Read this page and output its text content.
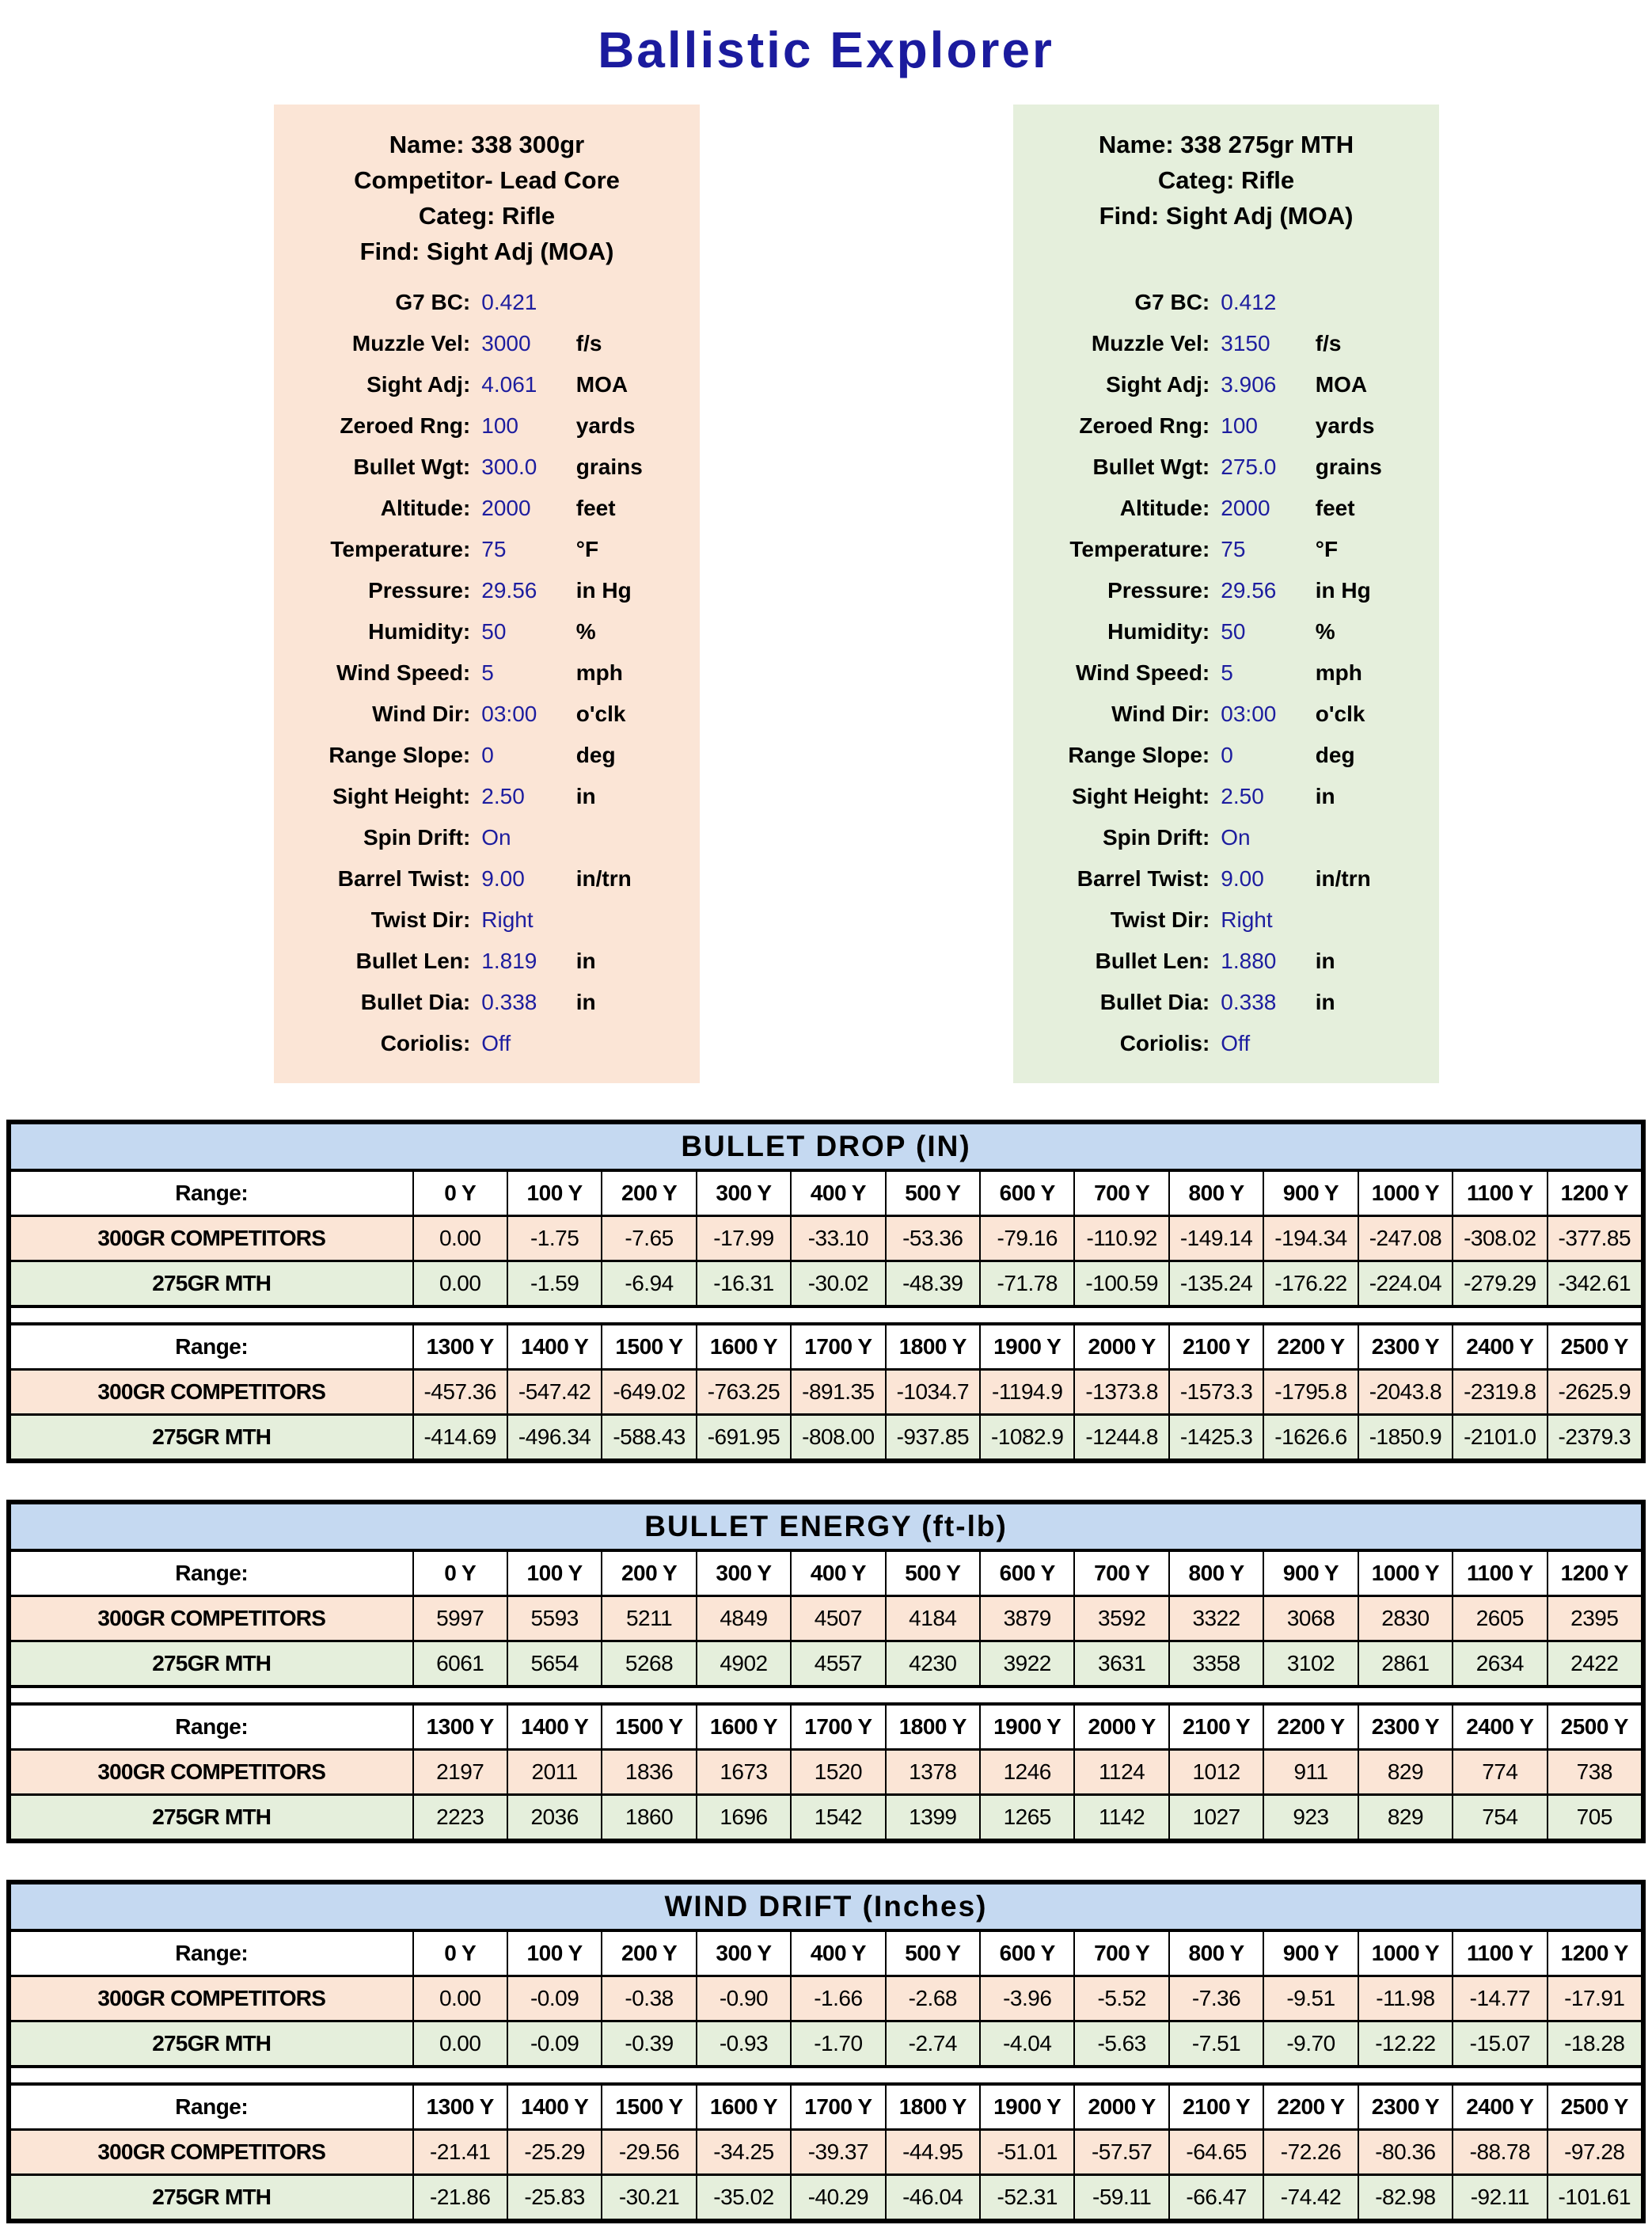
Ballistic Explorer
Name: 338 300gr
Competitor- Lead Core
Categ: Rifle
Find: Sight Adj (MOA)
G7 BC: 0.421
Muzzle Vel: 3000	f/s
Sight Adj: 4.061	MOA
Zeroed Rng: 100	yards
Bullet Wgt: 300.0	grains
Altitude: 2000	feet
Temperature: 75	°F
Pressure: 29.56	in Hg
Humidity: 50	%
Wind Speed: 5	mph
Wind Dir: 03:00	o'clk
Range Slope: 0	deg
Sight Height: 2.50	in
Spin Drift: On
Barrel Twist: 9.00	in/trn
Twist Dir: Right
Bullet Len: 1.819	in
Bullet Dia: 0.338	in
Coriolis: Off
Name: 338 275gr MTH
Categ: Rifle
Find: Sight Adj (MOA)
G7 BC: 0.412
Muzzle Vel: 3150	f/s
Sight Adj: 3.906	MOA
Zeroed Rng: 100	yards
Bullet Wgt: 275.0	grains
Altitude: 2000	feet
Temperature: 75	°F
Pressure: 29.56	in Hg
Humidity: 50	%
Wind Speed: 5	mph
Wind Dir: 03:00	o'clk
Range Slope: 0	deg
Sight Height: 2.50	in
Spin Drift: On
Barrel Twist: 9.00	in/trn
Twist Dir: Right
Bullet Len: 1.880	in
Bullet Dia: 0.338	in
Coriolis: Off
BULLET DROP (IN)
Range:	0 Y	100 Y	200 Y	300 Y	400 Y	500 Y	600 Y	700 Y	800 Y	900 Y	1000 Y	1100 Y	1200 Y
300GR COMPETITORS	0.00	-1.75	-7.65	-17.99	-33.10	-53.36	-79.16	-110.92	-149.14 -194.34 -247.08 -308.02 -377.85
275GR MTH	0.00	-1.59	-6.94	-16.31	-30.02	-48.39	-71.78	-100.59 -135.24 -176.22 -224.04 -279.29 -342.61
Range:	1300 Y	1400 Y	1500 Y	1600 Y	1700 Y	1800 Y	1900 Y	2000 Y	2100 Y	2200 Y	2300 Y	2400 Y	2500 Y
300GR COMPETITORS	-457.36 -547.42 -649.02 -763.25 -891.35 -1034.7	-1194.9	-1373.8 -1573.3 -1795.8 -2043.8 -2319.8 -2625.9
275GR MTH	-414.69 -496.34 -588.43 -691.95 -808.00 -937.85 -1082.9 -1244.8 -1425.3 -1626.6 -1850.9 -2101.0 -2379.3
BULLET ENERGY (ft-lb)
Range:	0 Y	100 Y	200 Y	300 Y	400 Y	500 Y	600 Y	700 Y	800 Y	900 Y	1000 Y	1100 Y	1200 Y
300GR COMPETITORS	5997	5593	5211	4849	4507	4184	3879	3592	3322	3068	2830	2605	2395
275GR MTH	6061	5654	5268	4902	4557	4230	3922	3631	3358	3102	2861	2634	2422
Range:	1300 Y	1400 Y	1500 Y	1600 Y	1700 Y	1800 Y	1900 Y	2000 Y	2100 Y	2200 Y	2300 Y	2400 Y	2500 Y
300GR COMPETITORS	2197	2011	1836	1673	1520	1378	1246	1124	1012	911	829	774	738
275GR MTH	2223	2036	1860	1696	1542	1399	1265	1142	1027	923	829	754	705
WIND DRIFT (Inches)
Range:	0 Y	100 Y	200 Y	300 Y	400 Y	500 Y	600 Y	700 Y	800 Y	900 Y	1000 Y	1100 Y	1200 Y
300GR COMPETITORS	0.00	-0.09	-0.38	-0.90	-1.66	-2.68	-3.96	-5.52	-7.36	-9.51	-11.98	-14.77	-17.91
275GR MTH	0.00	-0.09	-0.39	-0.93	-1.70	-2.74	-4.04	-5.63	-7.51	-9.70	-12.22	-15.07	-18.28
Range:	1300 Y	1400 Y	1500 Y	1600 Y	1700 Y	1800 Y	1900 Y	2000 Y	2100 Y	2200 Y	2300 Y	2400 Y	2500 Y
300GR COMPETITORS	-21.41	-25.29	-29.56	-34.25	-39.37	-44.95	-51.01	-57.57	-64.65	-72.26	-80.36	-88.78	-97.28
275GR MTH	-21.86	-25.83	-30.21	-35.02	-40.29	-46.04	-52.31	-59.11	-66.47	-74.42	-82.98	-92.11	-101.61
